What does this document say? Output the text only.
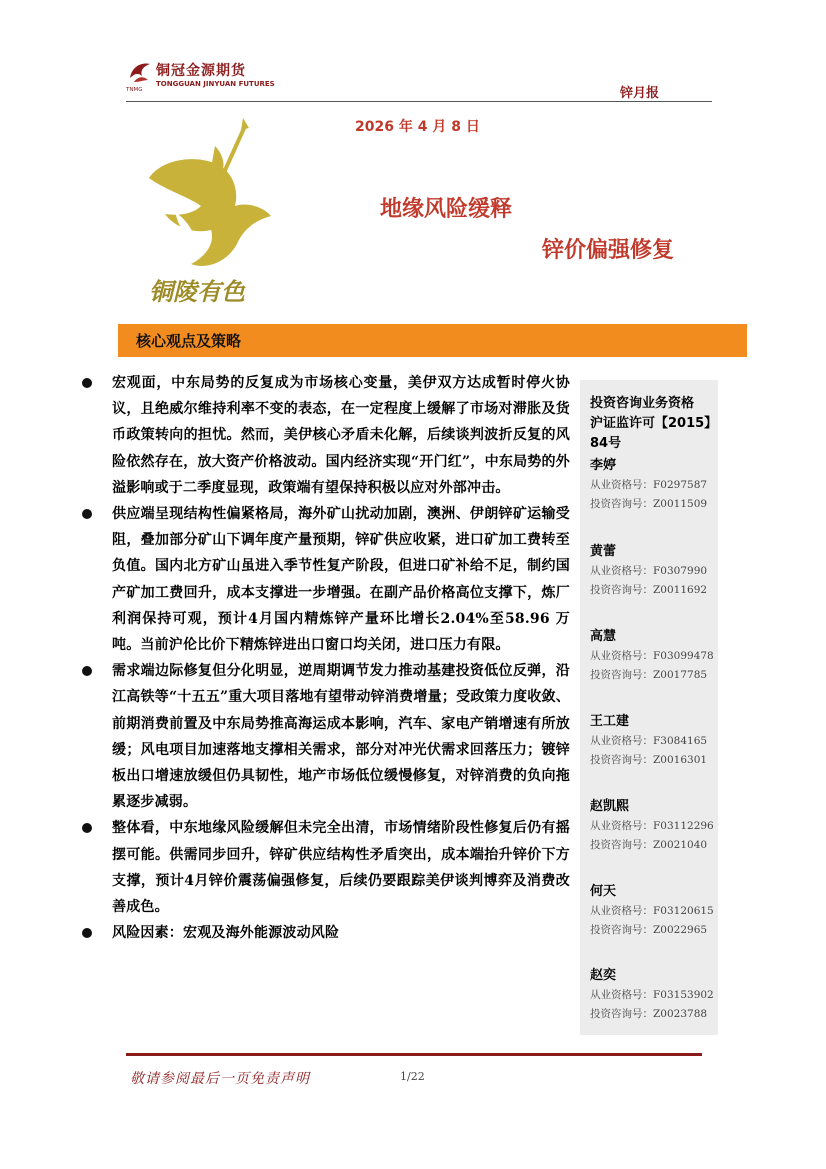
铜冠金源期货
TONGGUAN JINYUAN FUTURES
TNMG	锌月报
2026 年 4 月 8 日
铜陵有色
地缘风险缓释
锌价偏强修复
核心观点及策略
宏观面，中东局势的反复成为市场核心变量，美伊双方达成暂时停火协议，且绝威尔维持利率不变的表态，在一定程度上缓解了市场对滞胀及货币政策转向的担忧。然而，美伊核心矛盾未化解，后续谈判波折反复的风险依然存在，放大资产价格波动。国内经济实现“开门红”，中东局势的外溢影响或于二季度显现，政策端有望保持积极以应对外部冲击。
供应端呈现结构性偏紧格局，海外矿山扰动加剧，澳洲、伊朗锌矿运输受阻，叠加部分矿山下调年度产量预期，锌矿供应收紧，进口矿加工费转至负值。国内北方矿山虽进入季节性复产阶段，但进口矿补给不足，制约国产矿加工费回升，成本支撑进一步增强。在副产品价格高位支撑下，炼厂利润保持可观，预计4月国内精炼锌产量环比增长2.04%至58.96 万吨。当前沪伦比价下精炼锌进出口窗口均关闭，进口压力有限。
需求端边际修复但分化明显，逆周期调节发力推动基建投资低位反弹，沿江高铁等“十五五”重大项目落地有望带动锌消费增量；受政策力度收敛、前期消费前置及中东局势推高海运成本影响，汽车、家电产销增速有所放缓；风电项目加速落地支撑相关需求，部分对冲光伏需求回落压力；镀锌板出口增速放缓但仍具韧性，地产市场低位缓慢修复，对锌消费的负向拖累逐步减弱。
整体看，中东地缘风险缓解但未完全出清，市场情绪阶段性修复后仍有摇摆可能。供需同步回升，锌矿供应结构性矛盾突出，成本端抬升锌价下方支撑，预计4月锌价震荡偏强修复，后续仍要跟踪美伊谈判博弈及消费改善成色。
风险因素：宏观及海外能源波动风险
投资咨询业务资格
沪证监许可【2015】84号
李婷
从业资格号：F0297587
投资咨询号：Z0011509
黄蕾
从业资格号：F0307990
投资咨询号：Z0011692
高慧
从业资格号：F03099478
投资咨询号：Z0017785
王工建
从业资格号：F3084165
投资咨询号：Z0016301
赵凯熙
从业资格号：F03112296
投资咨询号：Z0021040
何天
从业资格号：F03120615
投资咨询号：Z0022965
赵奕
从业资格号：F03153902
投资咨询号：Z0023788
敬请参阅最后一页免责声明	1/22
